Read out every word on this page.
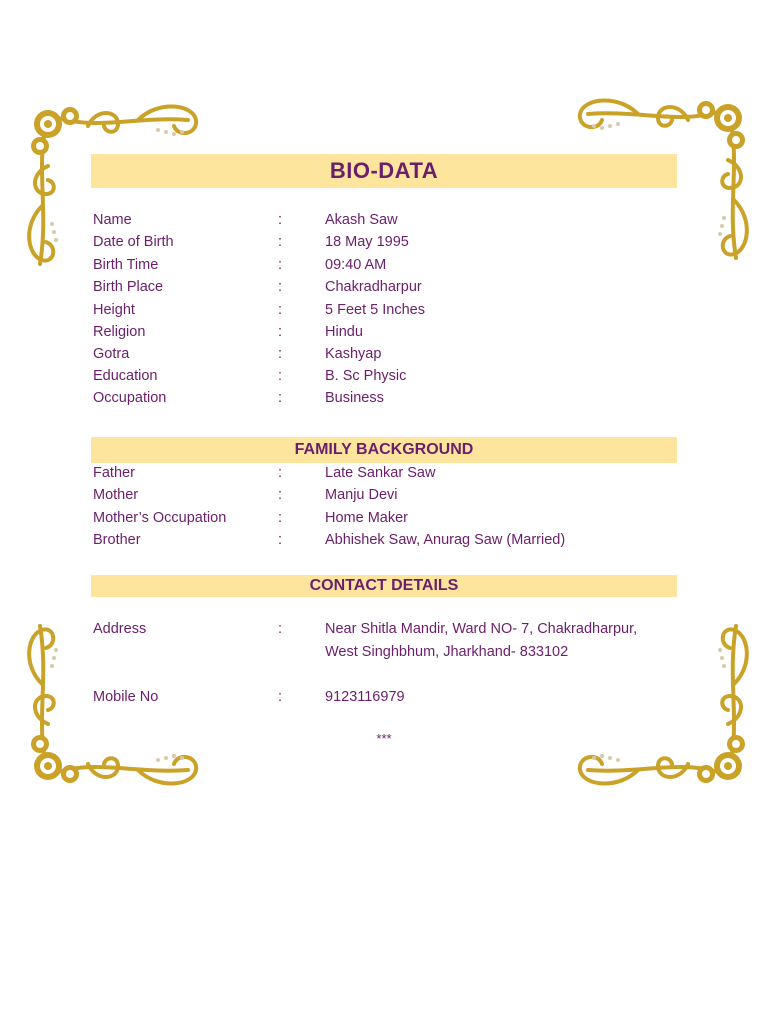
BIO-DATA
Name	:	Akash Saw
Date of Birth	:	18 May 1995
Birth Time	:	09:40 AM
Birth Place	:	Chakradharpur
Height	:	5 Feet 5 Inches
Religion	:	Hindu
Gotra	:	Kashyap
Education	:	B. Sc Physic
Occupation	:	Business
FAMILY BACKGROUND
Father	:	Late Sankar Saw
Mother	:	Manju Devi
Mother’s Occupation	:	Home Maker
Brother	:	Abhishek Saw, Anurag Saw (Married)
CONTACT DETAILS
Address	:	Near Shitla Mandir, Ward NO- 7, Chakradharpur,
West Singhbhum, Jharkhand- 833102
Mobile No	:	9123116979
***
